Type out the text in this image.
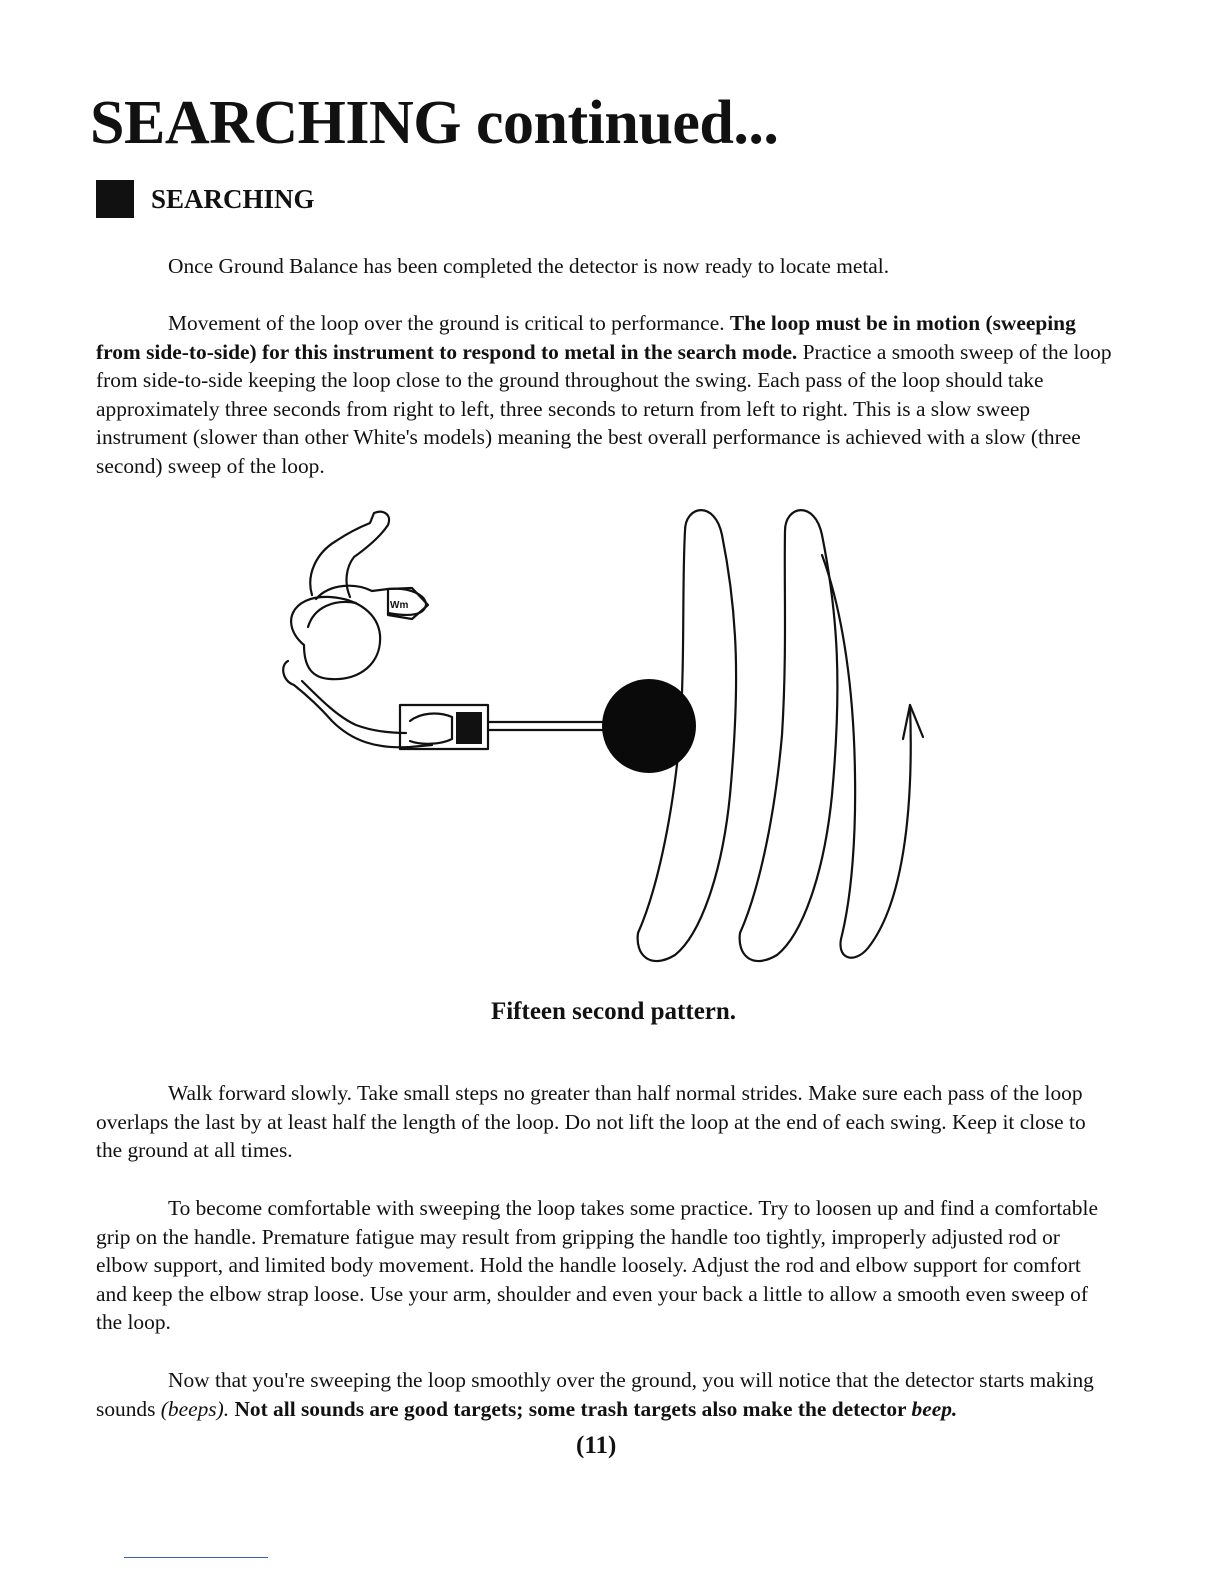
SEARCHING continued...
SEARCHING

Once Ground Balance has been completed the detector is now ready to locate metal.

Movement of the loop over the ground is critical to performance. The loop must be in motion (sweeping from side-to-side) for this instrument to respond to metal in the search mode. Practice a smooth sweep of the loop from side-to-side keeping the loop close to the ground throughout the swing. Each pass of the loop should take approximately three seconds from right to left, three seconds to return from left to right. This is a slow sweep instrument (slower than other White's models) meaning the best overall performance is achieved with a slow (three second) sweep of the loop.

Wm
Fifteen second pattern.

Walk forward slowly. Take small steps no greater than half normal strides. Make sure each pass of the loop overlaps the last by at least half the length of the loop. Do not lift the loop at the end of each swing. Keep it close to the ground at all times.

To become comfortable with sweeping the loop takes some practice. Try to loosen up and find a comfortable grip on the handle. Premature fatigue may result from gripping the handle too tightly, improperly adjusted rod or elbow support, and limited body movement. Hold the handle loosely. Adjust the rod and elbow support for comfort and keep the elbow strap loose. Use your arm, shoulder and even your back a little to allow a smooth even sweep of the loop.

Now that you're sweeping the loop smoothly over the ground, you will notice that the detector starts making sounds (beeps). Not all sounds are good targets; some trash targets also make the detector beep.

(11)
